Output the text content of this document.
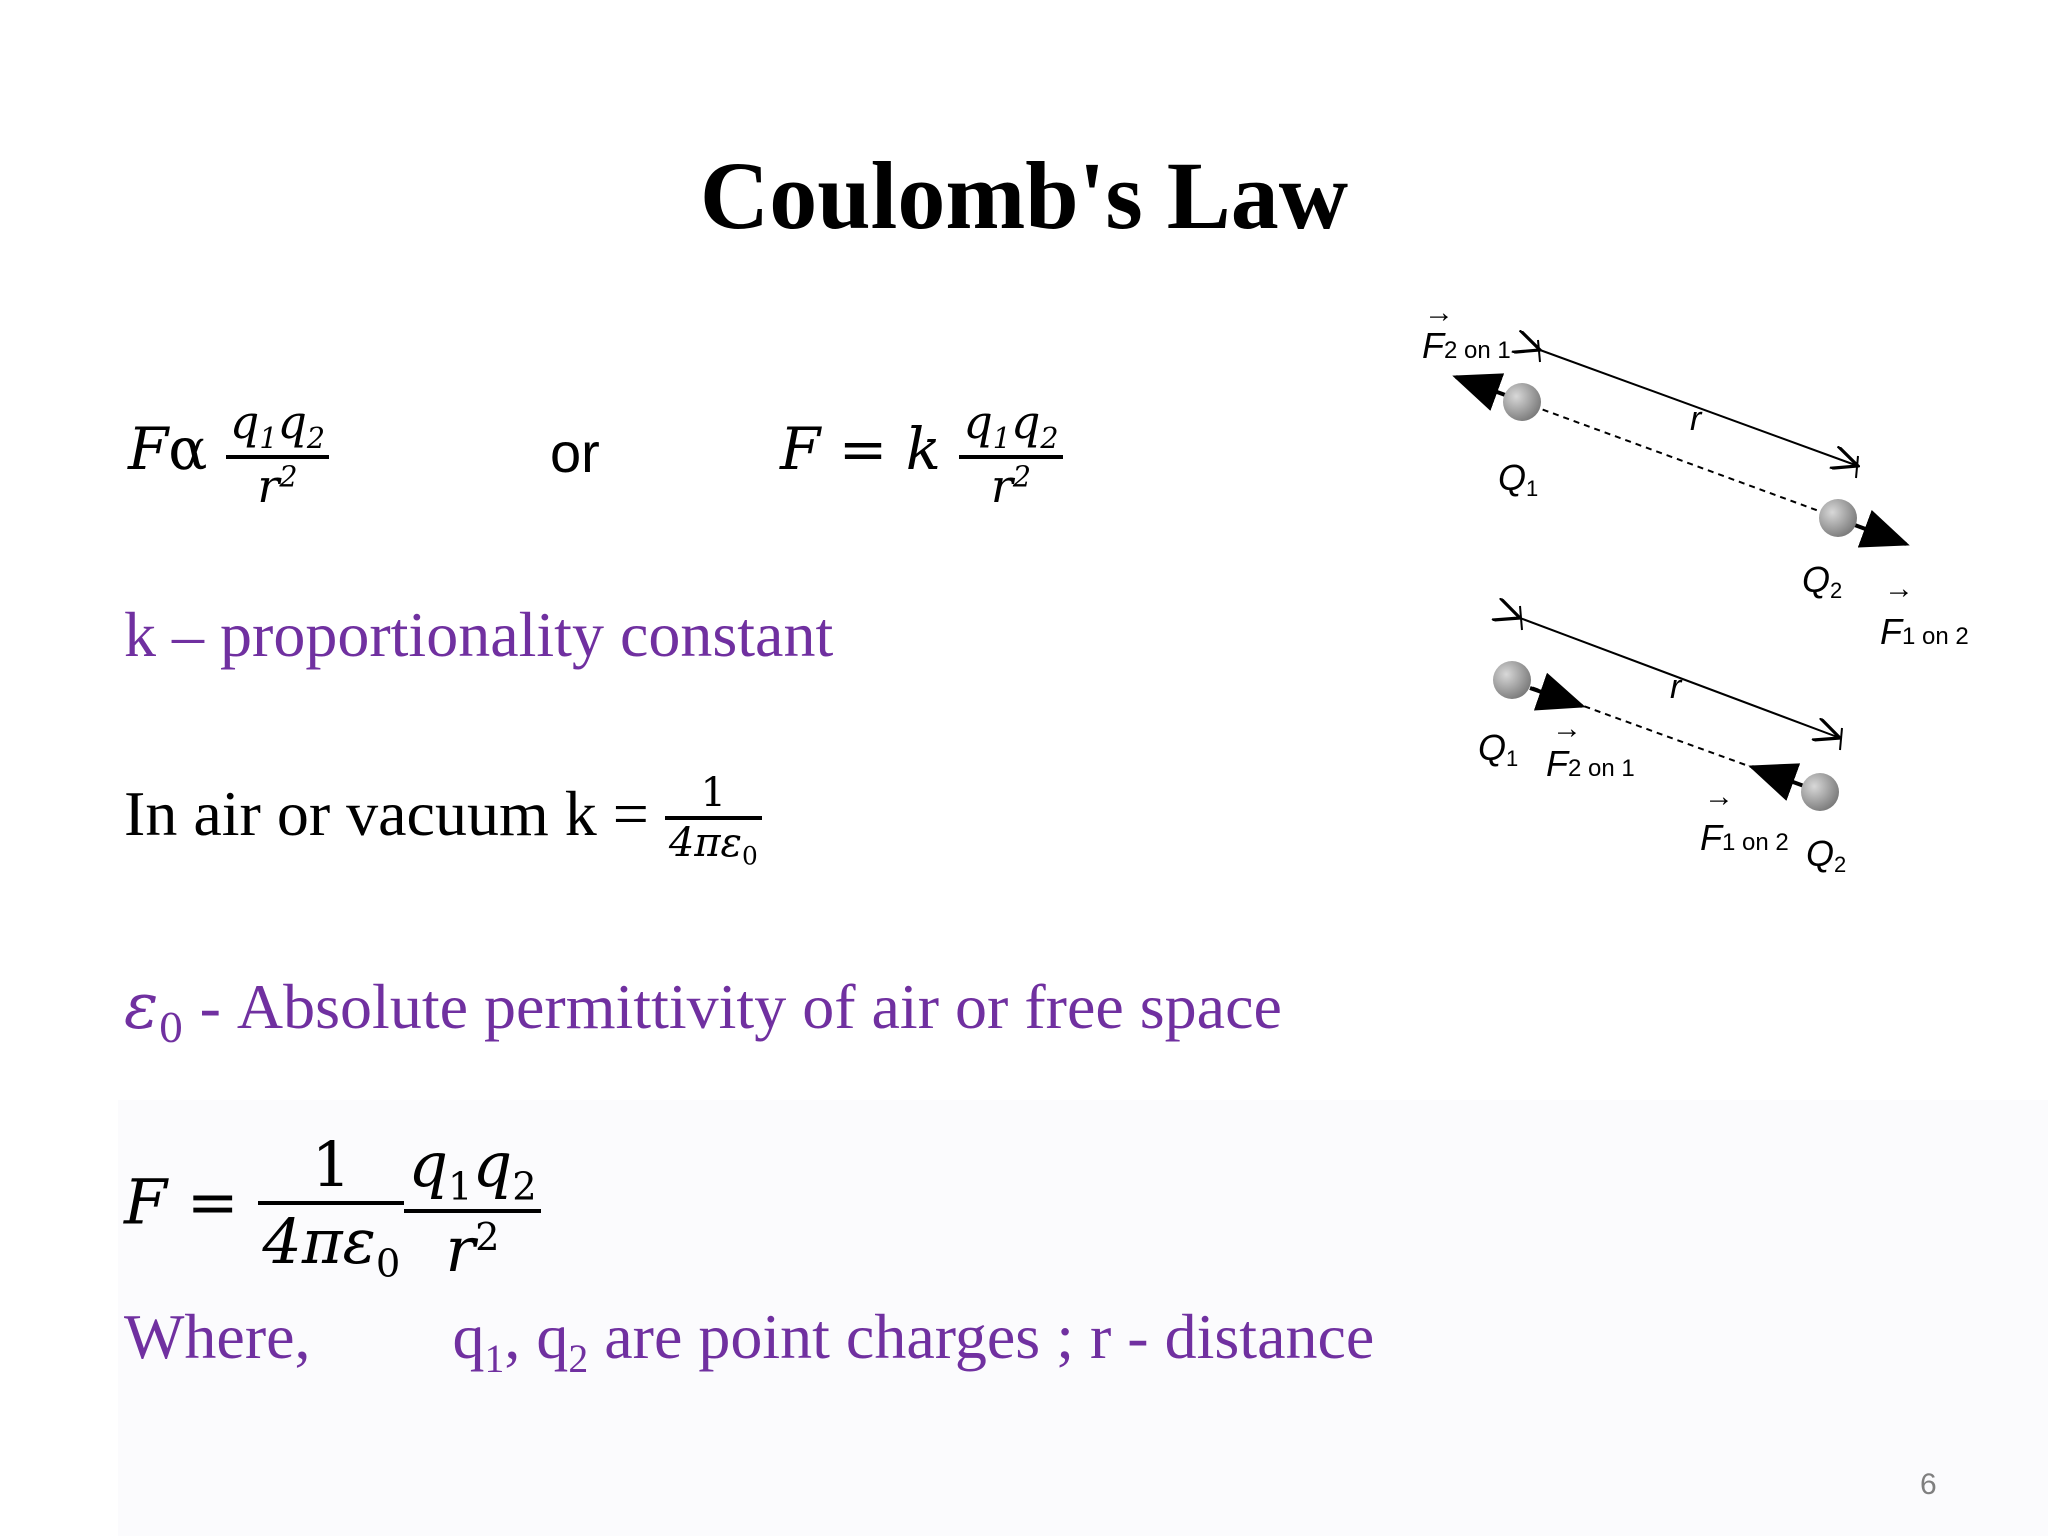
Coulomb's Law
Fα $\frac{q_1q_2}{r^2}$	or	F = k $\frac{q_1q_2}{r^2}$
k – proportionality constant
In air or vacuum $k = \frac{1}{4\pi\varepsilon_0}$
$\varepsilon_0$ - Absolute permittivity of air or free space
$F = \frac{1}{4\pi\varepsilon_0} \frac{q_1q_2}{r^2}$
Where, $q_1$, $q_2$ are point charges ; r - distance
r
F2 on 1
→
Q1
Q2
F1 on 2
→
r
Q1 F2 on 1
→
F1 on 2
→
Q2
6
